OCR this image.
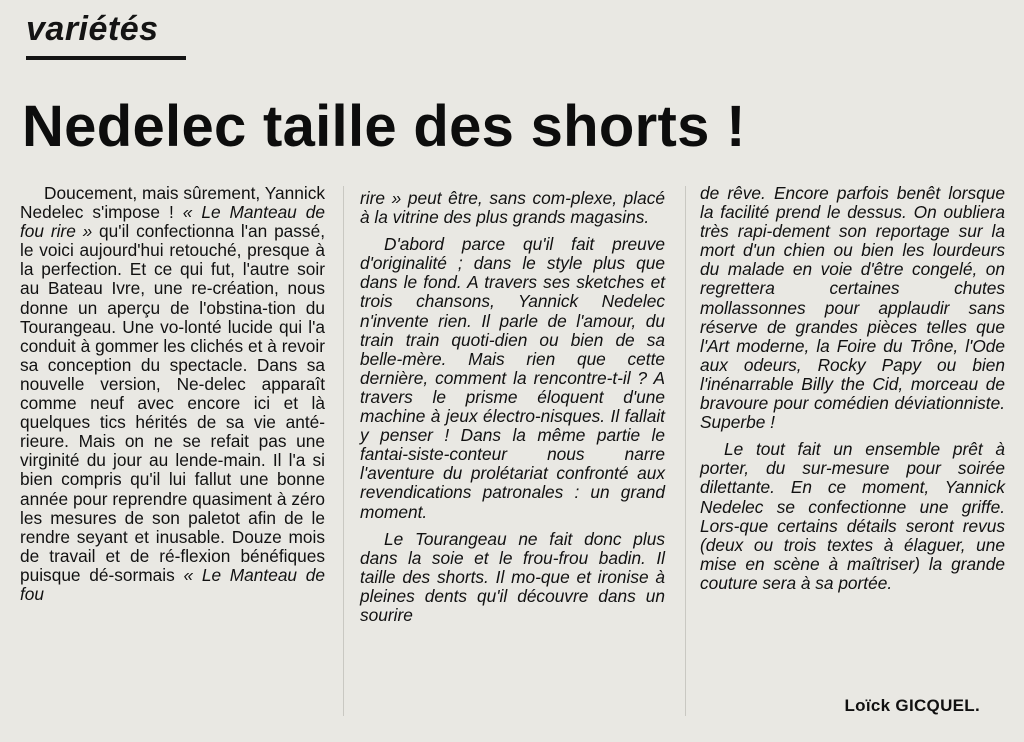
variétés
Nedelec taille des shorts !

Doucement, mais sûrement, Yannick Nedelec s'impose ! « Le Manteau de fou rire » qu'il confectionna l'an passé, le voici aujourd'hui retouché, presque à la perfection. Et ce qui fut, l'autre soir au Bateau Ivre, une re-création, nous donne un aperçu de l'obstina-tion du Tourangeau. Une vo-lonté lucide qui l'a conduit à gommer les clichés et à revoir sa conception du spectacle. Dans sa nouvelle version, Ne-delec apparaît comme neuf avec encore ici et là quelques tics hérités de sa vie anté-rieure. Mais on ne se refait pas une virginité du jour au lende-main. Il l'a si bien compris qu'il lui fallut une bonne année pour reprendre quasiment à zéro les mesures de son paletot afin de le rendre seyant et inusable. Douze mois de travail et de ré-flexion bénéfiques puisque dé-sormais « Le Manteau de fou

rire » peut être, sans com-plexe, placé à la vitrine des plus grands magasins.

D'abord parce qu'il fait preuve d'originalité ; dans le style plus que dans le fond. A travers ses sketches et trois chansons, Yannick Nedelec n'invente rien. Il parle de l'amour, du train train quoti-dien ou bien de sa belle-mère. Mais rien que cette dernière, comment la rencontre-t-il ? A travers le prisme éloquent d'une machine à jeux électro-nisques. Il fallait y penser ! Dans la même partie le fantai-siste-conteur nous narre l'aventure du prolétariat confronté aux revendications patronales : un grand moment.

Le Tourangeau ne fait donc plus dans la soie et le frou-frou badin. Il taille des shorts. Il mo-que et ironise à pleines dents qu'il découvre dans un sourire

de rêve. Encore parfois benêt lorsque la facilité prend le dessus. On oubliera très rapi-dement son reportage sur la mort d'un chien ou bien les lourdeurs du malade en voie d'être congelé, on regrettera certaines chutes mollassonnes pour applaudir sans réserve de grandes pièces telles que l'Art moderne, la Foire du Trône, l'Ode aux odeurs, Rocky Papy ou bien l'inénarrable Billy the Cid, morceau de bravoure pour comédien déviationniste. Superbe !

Le tout fait un ensemble prêt à porter, du sur-mesure pour soirée dilettante. En ce moment, Yannick Nedelec se confectionne une griffe. Lors-que certains détails seront revus (deux ou trois textes à élaguer, une mise en scène à maîtriser) la grande couture sera à sa portée.

Loïck GICQUEL.
